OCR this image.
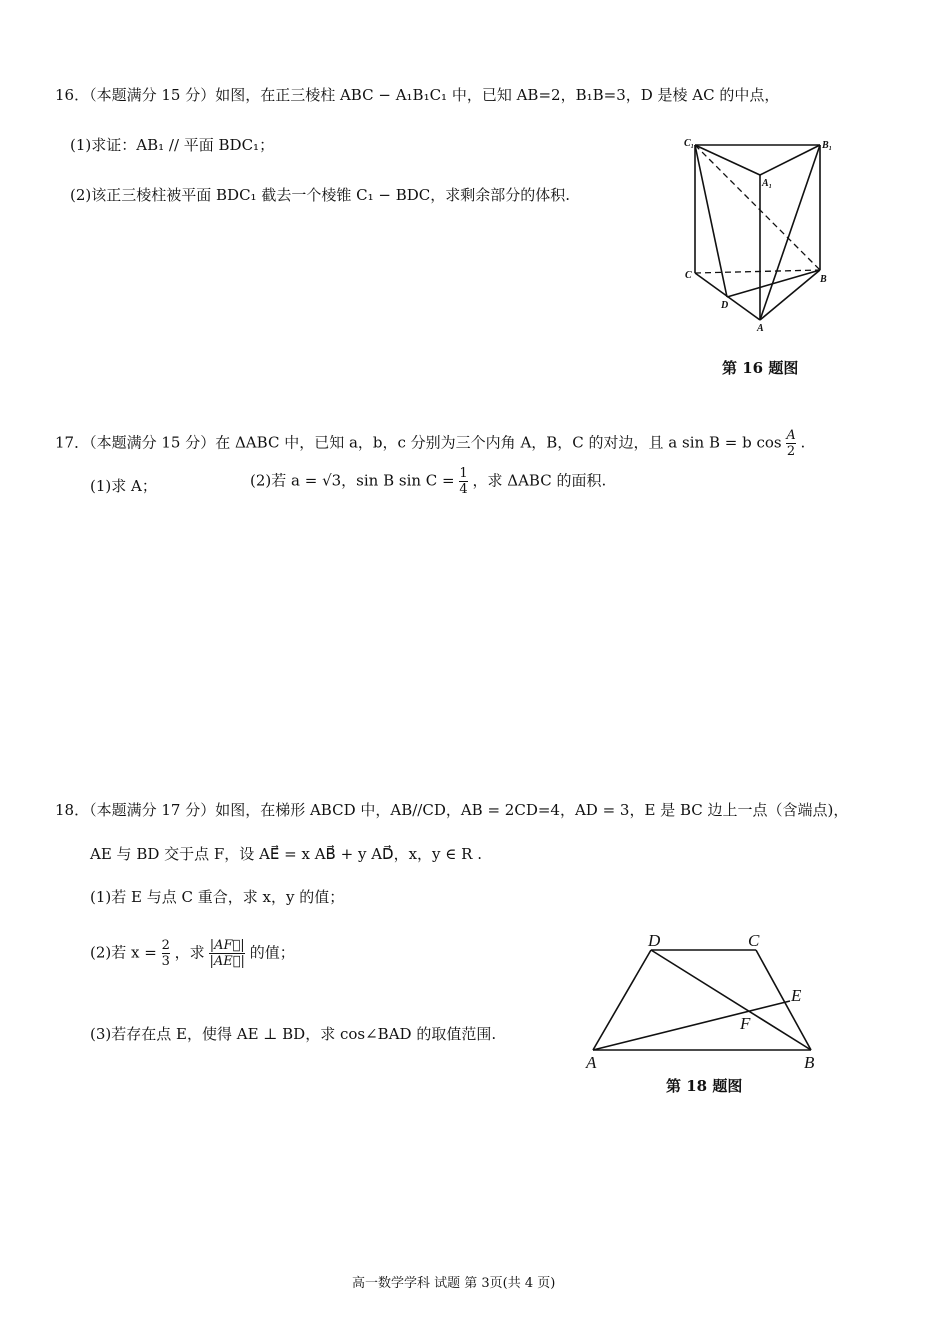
16．（本题满分 15 分）如图，在正三棱柱 ABC − A₁B₁C₁ 中，已知 AB=2，B₁B=3，D 是棱 AC 的中点，
(1)求证：AB₁ // 平面 BDC₁；
(2)该正三棱柱被平面 BDC₁ 截去一个棱锥 C₁ − BDC，求剩余部分的体积.
C₁	B₁
A₁
C	B
D
A
第 16 题图
17．（本题满分 15 分）在 ΔABC 中，已知 a，b，c 分别为三个内角 A，B，C 的对边，且 a sin B = b $\cos \frac{A}{2}$ .
(1)求 A；	(2)若 a = √3，sin B $\sin C = \frac{1}{4}$ ，求 ΔABC 的面积.
18．（本题满分 17 分）如图，在梯形 ABCD 中，AB//CD，AB = 2CD=4，AD = 3，E 是 BC 边上一点（含端点)，
AE 与 BD 交于点 F，设 AE⃗ = x AB⃗ + y AD⃗，x，y ∈ R .
(1)若 E 与点 C 重合，求 x，y 的值；
(2)若 $x = \frac{2}{3}$ ，求 $\frac{|AF⃗|}{|AE⃗|}$ 的值；
(3)若存在点 E，使得 AE ⊥ BD，求 cos∠BAD 的取值范围.
D	C
E
F
A	B
第 18 题图
高一数学学科 试题 第 3页(共 4 页)
